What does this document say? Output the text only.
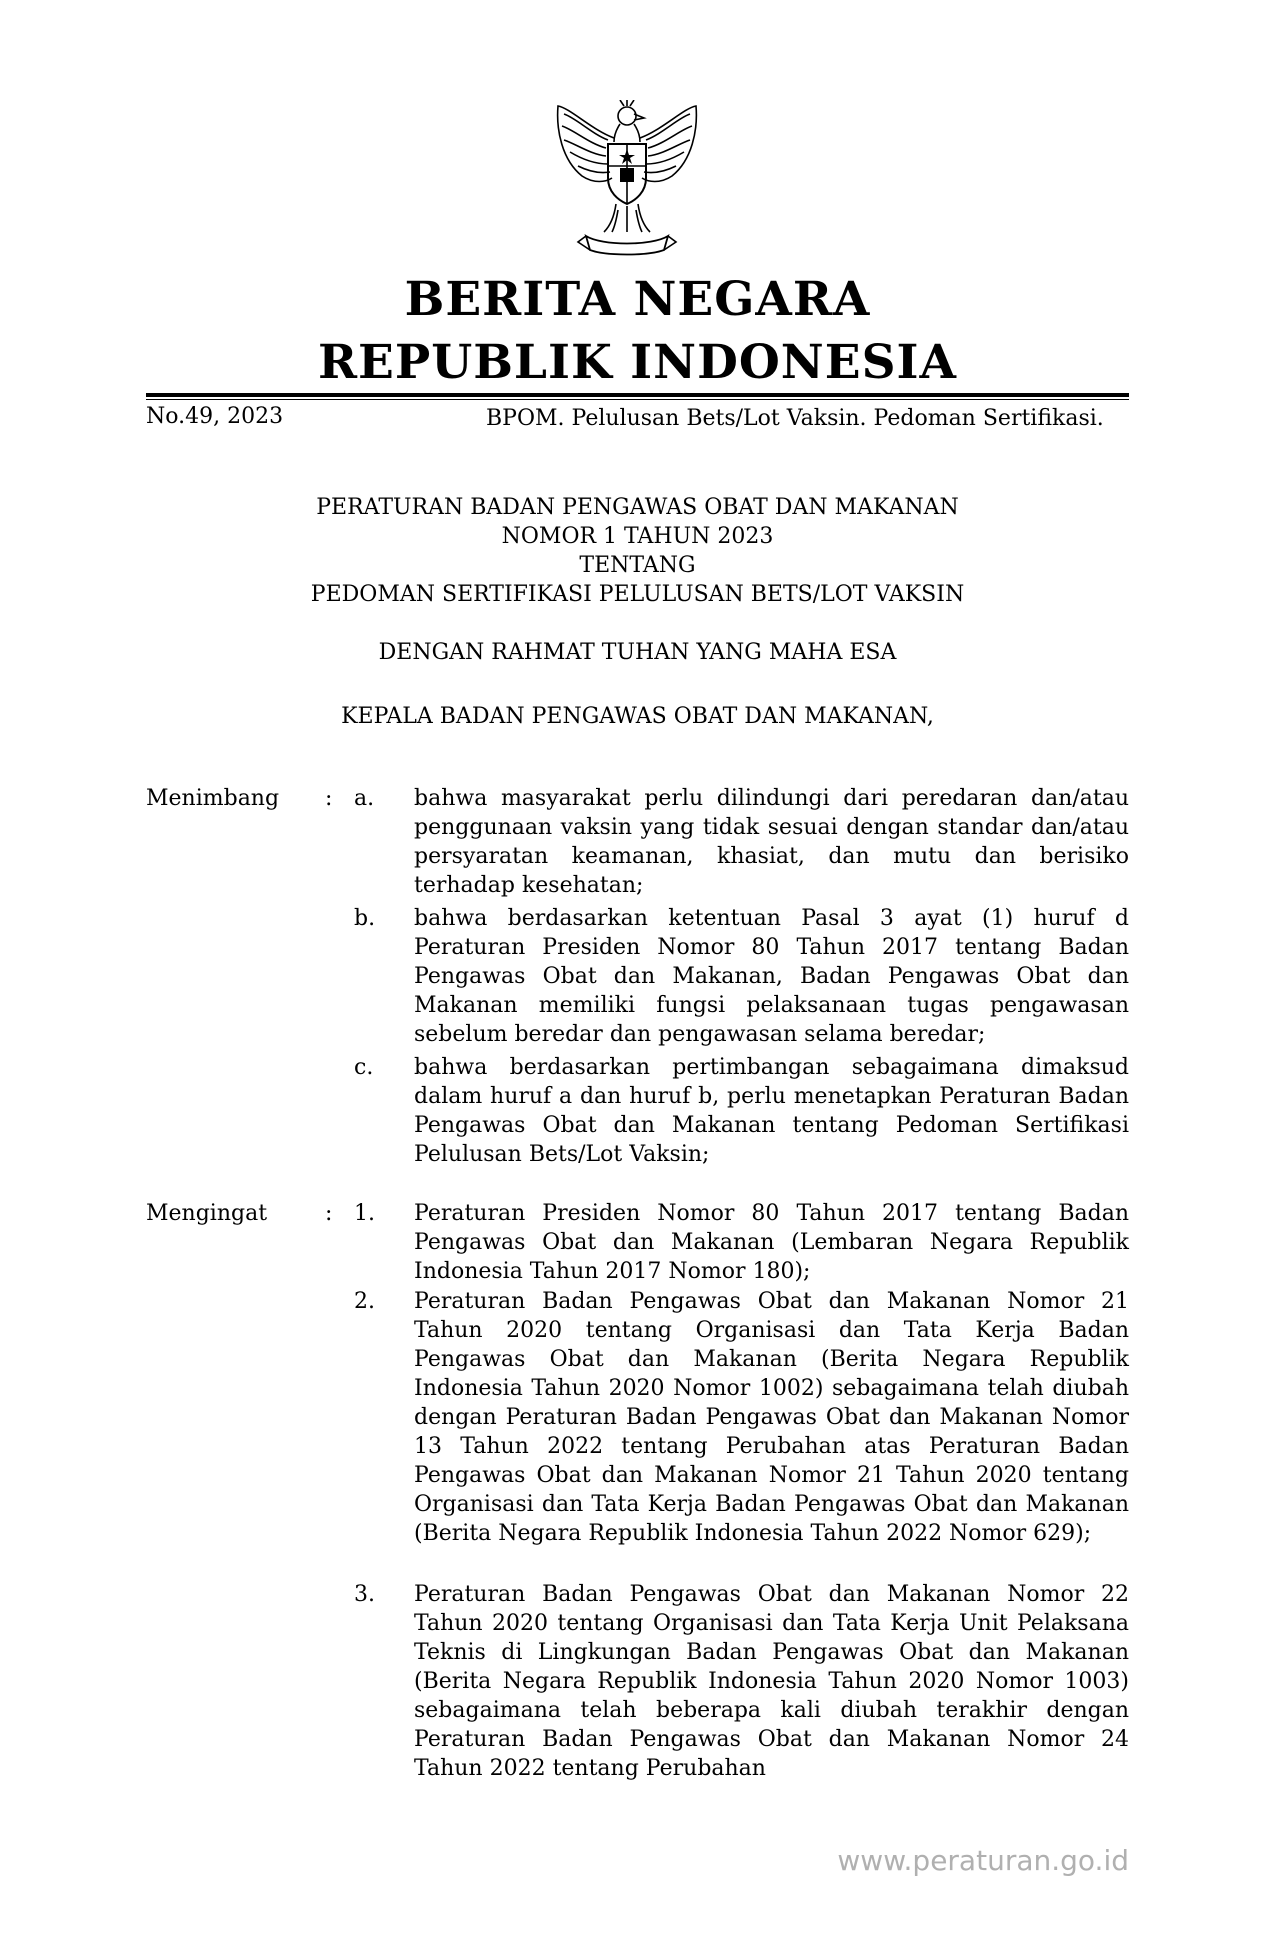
BERITA NEGARA
REPUBLIK INDONESIA
No.49, 2023	BPOM. Pelulusan Bets/Lot Vaksin. Pedoman Sertifikasi.
PERATURAN BADAN PENGAWAS OBAT DAN MAKANAN
NOMOR 1 TAHUN 2023
TENTANG
PEDOMAN SERTIFIKASI PELULUSAN BETS/LOT VAKSIN
DENGAN RAHMAT TUHAN YANG MAHA ESA
KEPALA BADAN PENGAWAS OBAT DAN MAKANAN,
Menimbang : a. bahwa masyarakat perlu dilindungi dari peredaran dan/atau penggunaan vaksin yang tidak sesuai dengan standar dan/atau persyaratan keamanan, khasiat, dan mutu dan berisiko terhadap kesehatan;
b. bahwa berdasarkan ketentuan Pasal 3 ayat (1) huruf d Peraturan Presiden Nomor 80 Tahun 2017 tentang Badan Pengawas Obat dan Makanan, Badan Pengawas Obat dan Makanan memiliki fungsi pelaksanaan tugas pengawasan sebelum beredar dan pengawasan selama beredar;
c. bahwa berdasarkan pertimbangan sebagaimana dimaksud dalam huruf a dan huruf b, perlu menetapkan Peraturan Badan Pengawas Obat dan Makanan tentang Pedoman Sertifikasi Pelulusan Bets/Lot Vaksin;
Mengingat	: 1. Peraturan Presiden Nomor 80 Tahun 2017 tentang Badan Pengawas Obat dan Makanan (Lembaran Negara Republik Indonesia Tahun 2017 Nomor 180);
2. Peraturan Badan Pengawas Obat dan Makanan Nomor 21 Tahun 2020 tentang Organisasi dan Tata Kerja Badan Pengawas Obat dan Makanan (Berita Negara Republik Indonesia Tahun 2020 Nomor 1002) sebagaimana telah diubah dengan Peraturan Badan Pengawas Obat dan Makanan Nomor 13 Tahun 2022 tentang Perubahan atas Peraturan Badan Pengawas Obat dan Makanan Nomor 21 Tahun 2020 tentang Organisasi dan Tata Kerja Badan Pengawas Obat dan Makanan (Berita Negara Republik Indonesia Tahun 2022 Nomor 629);
3. Peraturan Badan Pengawas Obat dan Makanan Nomor 22 Tahun 2020 tentang Organisasi dan Tata Kerja Unit Pelaksana Teknis di Lingkungan Badan Pengawas Obat dan Makanan (Berita Negara Republik Indonesia Tahun 2020 Nomor 1003) sebagaimana telah beberapa kali diubah terakhir dengan Peraturan Badan Pengawas Obat dan Makanan Nomor 24 Tahun 2022 tentang Perubahan
www.peraturan.go.id
